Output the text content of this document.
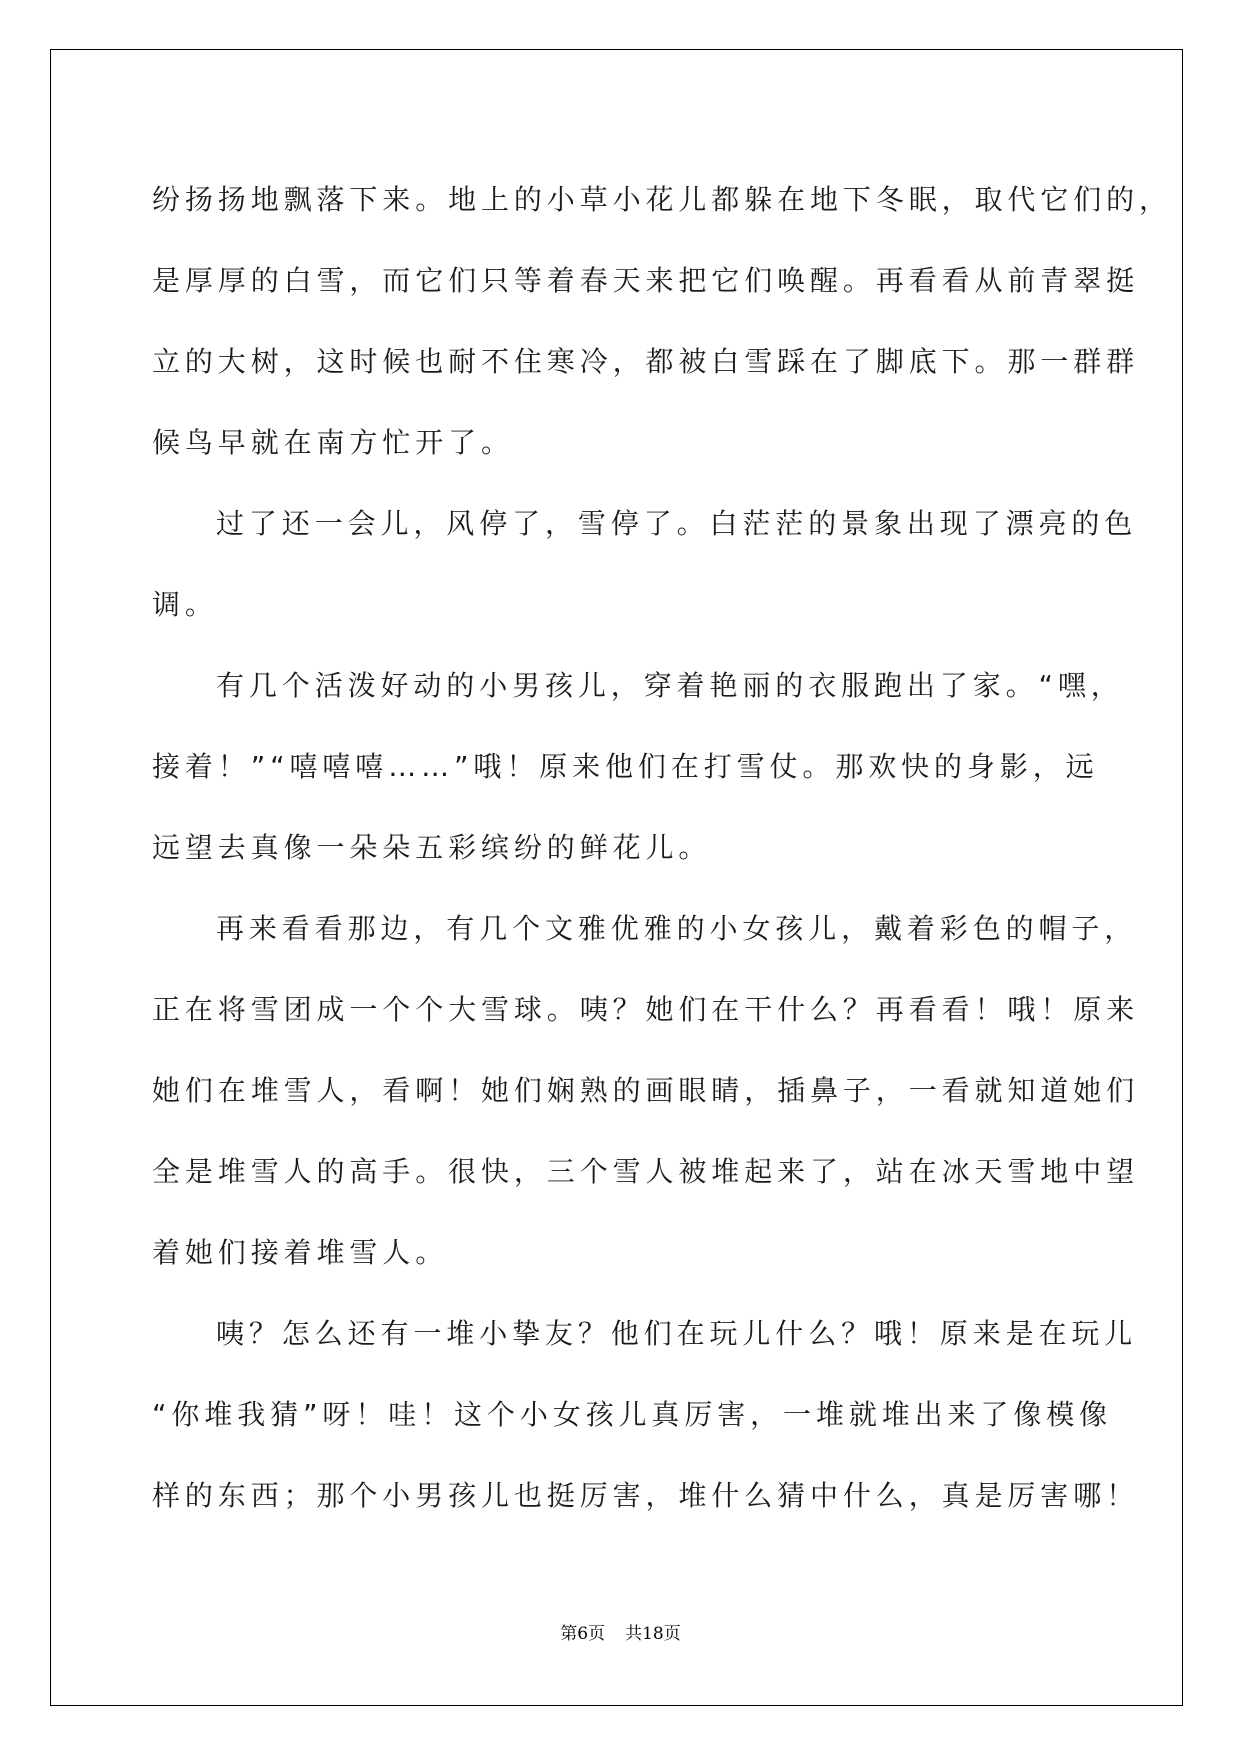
纷扬扬地飘落下来。地上的小草小花儿都躲在地下冬眠，取代它们的，
是厚厚的白雪，而它们只等着春天来把它们唤醒。再看看从前青翠挺
立的大树，这时候也耐不住寒冷，都被白雪踩在了脚底下。那一群群
候鸟早就在南方忙开了。
过了还一会儿，风停了，雪停了。白茫茫的景象出现了漂亮的色
调。
有几个活泼好动的小男孩儿，穿着艳丽的衣服跑出了家。“嘿，
接着！”“嘻嘻嘻……”哦！原来他们在打雪仗。那欢快的身影，远
远望去真像一朵朵五彩缤纷的鲜花儿。
再来看看那边，有几个文雅优雅的小女孩儿，戴着彩色的帽子，
正在将雪团成一个个大雪球。咦？她们在干什么？再看看！哦！原来
她们在堆雪人，看啊！她们娴熟的画眼睛，插鼻子，一看就知道她们
全是堆雪人的高手。很快，三个雪人被堆起来了，站在冰天雪地中望
着她们接着堆雪人。
咦？怎么还有一堆小挚友？他们在玩儿什么？哦！原来是在玩儿
“你堆我猜”呀！哇！这个小女孩儿真厉害，一堆就堆出来了像模像
样的东西；那个小男孩儿也挺厉害，堆什么猜中什么，真是厉害哪！
第6页 共18页
